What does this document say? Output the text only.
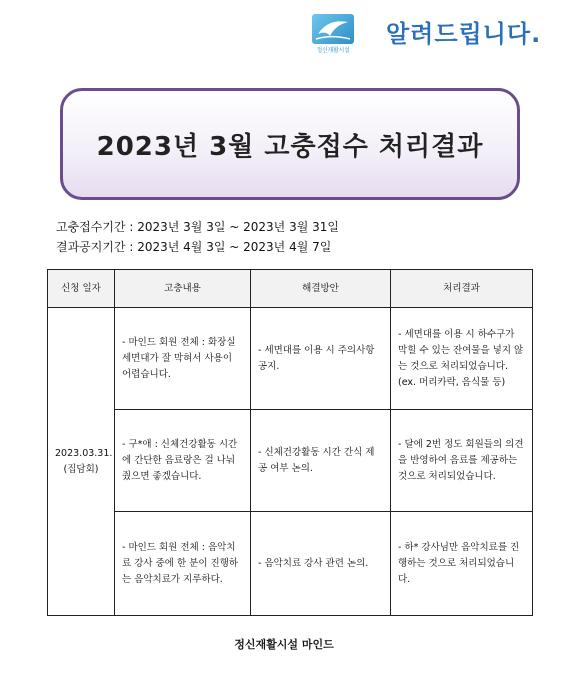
정신재활시설
알려드립니다.
2023년 3월 고충접수 처리결과
고충접수기간 : 2023년 3월 3일 ~ 2023년 3월 31일
결과공지기간 : 2023년 4월 3일 ~ 2023년 4월 7일
신청 일자	고충내용	해결방안	처리결과

2023.03.31.
(집담회)	- 마인드 회원 전체 : 화장실 세면대가 잘 막혀서 사용이 어렵습니다.	- 세면대를 이용 시 주의사항 공지.	- 세면대를 이용 시 하수구가 막힐 수 있는 잔여물을 넣지 않는 것으로 처리되었습니다.(ex. 머리카락, 음식물 등)
	- 구*애 : 신체건강활동 시간에 간단한 음료랑은 걸 나눠줬으면 좋겠습니다.	- 신체건강활동 시간 간식 제공 여부 논의.	- 달에 2번 정도 회원들의 의견을 반영하여 음료를 제공하는 것으로 처리되었습니다.
	- 마인드 회원 전체 : 음악치료 강사 중에 한 분이 진행하는 음악치료가 지루하다.	- 음악치료 강사 관련 논의.	- 하* 강사님만 음악치료를 진행하는 것으로 처리되었습니다.
정신재활시설 마인드
